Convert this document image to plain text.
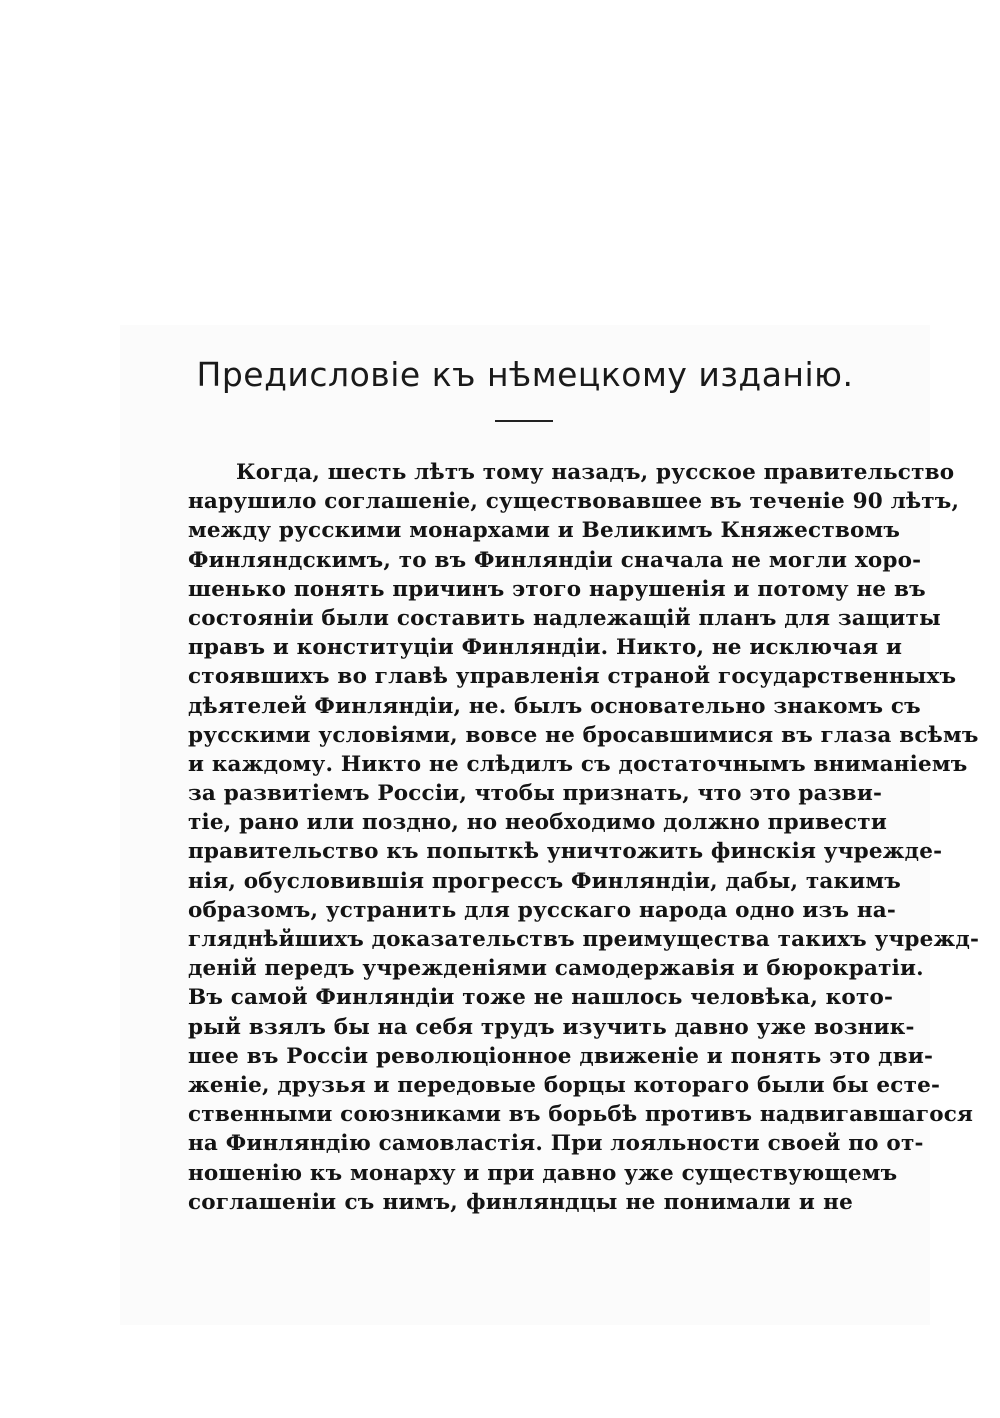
Предисловіе къ нѣмецкому изданію.
Когда, шесть лѣтъ тому назадъ, русское правительство
нарушило соглашеніе, существовавшее въ теченіе 90 лѣтъ,
между русскими монархами и Великимъ Княжествомъ
Финляндскимъ, то въ Финляндіи сначала не могли хоро-
шенько понять причинъ этого нарушенія и потому не въ
состояніи были составить надлежащій планъ для защиты
правъ и конституціи Финляндіи. Никто, не исключая и
стоявшихъ во главѣ управленія страной государственныхъ
дѣятелей Финляндіи, не. былъ основательно знакомъ съ
русскими условіями, вовсе не бросавшимися въ глаза всѣмъ
и каждому. Никто не слѣдилъ съ достаточнымъ вниманіемъ
за развитіемъ Россіи, чтобы признать, что это разви-
тіе, рано или поздно, но необходимо должно привести
правительство къ попыткѣ уничтожить финскія учрежде-
нія, обусловившія прогрессъ Финляндіи, дабы, такимъ
образомъ, устранить для русскаго народа одно изъ на-
гляднѣйшихъ доказательствъ преимущества такихъ учрежд-
деній передъ учрежденіями самодержавія и бюрократіи.
Въ самой Финляндіи тоже не нашлось человѣка, кото-
рый взялъ бы на себя трудъ изучить давно уже возник-
шее въ Россіи революціонное движеніе и понять это дви-
женіе, друзья и передовые борцы котораго были бы есте-
ственными союзниками въ борьбѣ противъ надвигавшагося
на Финляндію самовластія. При лояльности своей по от-
ношенію къ монарху и при давно уже существующемъ
соглашеніи съ нимъ, финляндцы не понимали и не
